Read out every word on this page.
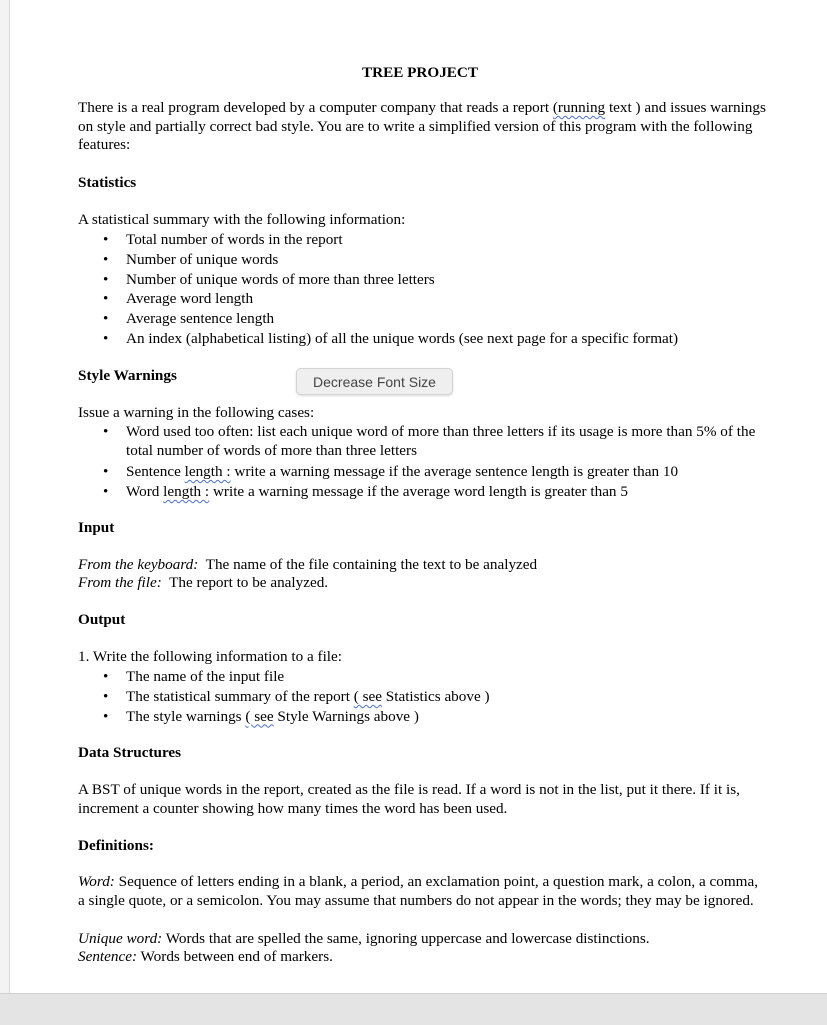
TREE PROJECT
There is a real program developed by a computer company that reads a report (running text ) and issues warnings on style and partially correct bad style. You are to write a simplified version of this program with the following features:
Statistics
A statistical summary with the following information:
• Total number of words in the report
• Number of unique words
• Number of unique words of more than three letters
• Average word length
• Average sentence length
• An index (alphabetical listing) of all the unique words (see next page for a specific format)
Style Warnings
Issue a warning in the following cases:
• Word used too often: list each unique word of more than three letters if its usage is more than 5% of the total number of words of more than three letters
• Sentence length : write a warning message if the average sentence length is greater than 10
• Word length : write a warning message if the average word length is greater than 5
Input
From the keyboard:  The name of the file containing the text to be analyzed
From the file:  The report to be analyzed.
Output
1. Write the following information to a file:
• The name of the input file
• The statistical summary of the report ( see Statistics above )
• The style warnings ( see Style Warnings above )
Data Structures
A BST of unique words in the report, created as the file is read. If a word is not in the list, put it there. If it is, increment a counter showing how many times the word has been used.
Definitions:
Word: Sequence of letters ending in a blank, a period, an exclamation point, a question mark, a colon, a comma, a single quote, or a semicolon. You may assume that numbers do not appear in the words; they may be ignored.
Unique word: Words that are spelled the same, ignoring uppercase and lowercase distinctions.
Sentence: Words between end of markers.
Decrease Font Size
